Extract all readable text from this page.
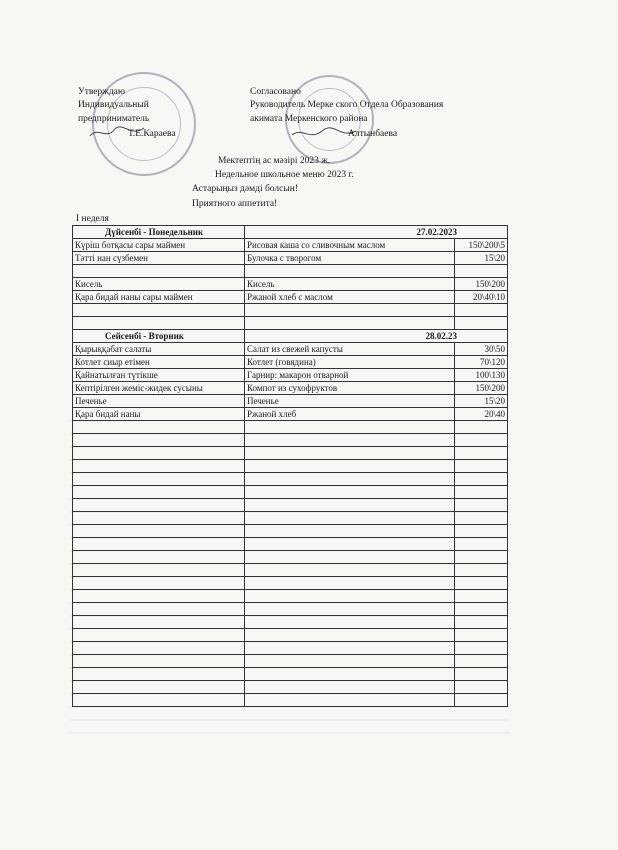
Утверждаю
Индивидуальный
предприниматель
Т.Е.Караева
Согласовано
Руководитель Мерке ского Отдела Образования
акимата Меркенского района
Алтынбаева
Мектептің ас мәзірі 2023 ж.
Недельное школьное меню 2023 г.
Астарыңыз дәмді болсын!
Приятного аппетита!
I неделя
Дүйсенбі - Понедельник	27.02.2023	
Күріш ботқасы сары маймен	Рисовая каша со сливочным маслом	150\200\5
Тәтті нан сүзбемен	Булочка с творогом	15\20

Кисель	Кисель	150\200
Қара бидай наны сары маймен	Ржаной хлеб с маслом	20\40\10

Сейсенбі - Вторник	28.02.23	
Қырыққабат салаты	Салат из свежей капусты	30\50
Котлет сиыр етімен	Котлет (говядина)	70\120
Қайнатылған түтікше	Гарнир: макарон отварной	100\130
Кептірілген жеміс-жидек сусыны	Компот из сухофруктов	150\200
Печенье	Печенье	15\20
Қара бидай наны	Ржаной хлеб	20\40
